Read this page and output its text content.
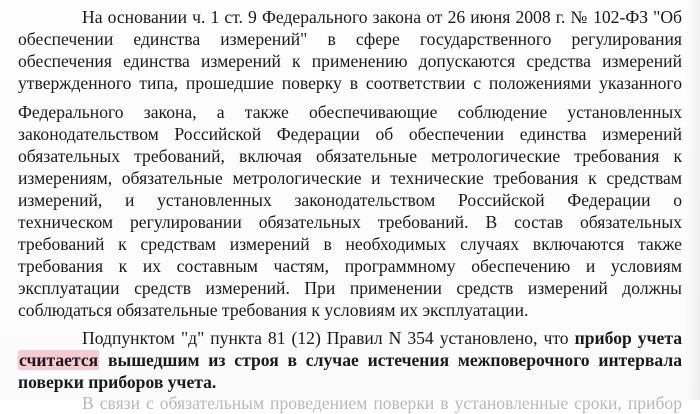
На основании ч. 1 ст. 9 Федерального закона от 26 июня 2008 г. № 102-ФЗ "Об
обеспечении единства измерений" в сфере государственного регулирования
обеспечения единства измерений к применению допускаются средства измерений
утвержденного типа, прошедшие поверку в соответствии с положениями указанного
Федерального закона, а также обеспечивающие соблюдение установленных
законодательством Российской Федерации об обеспечении единства измерений
обязательных требований, включая обязательные метрологические требования к
измерениям, обязательные метрологические и технические требования к средствам
измерений, и установленных законодательством Российской Федерации о
техническом регулировании обязательных требований. В состав обязательных
требований к средствам измерений в необходимых случаях включаются также
требования к их составным частям, программному обеспечению и условиям
эксплуатации средств измерений. При применении средств измерений должны
соблюдаться обязательные требования к условиям их эксплуатации.
Подпунктом "д" пункта 81 (12) Правил N 354 установлено, что прибор учета
считается вышедшим из строя в случае истечения межповерочного интервала
поверки приборов учета.
В связи с обязательным проведением поверки в установленные сроки, прибор
